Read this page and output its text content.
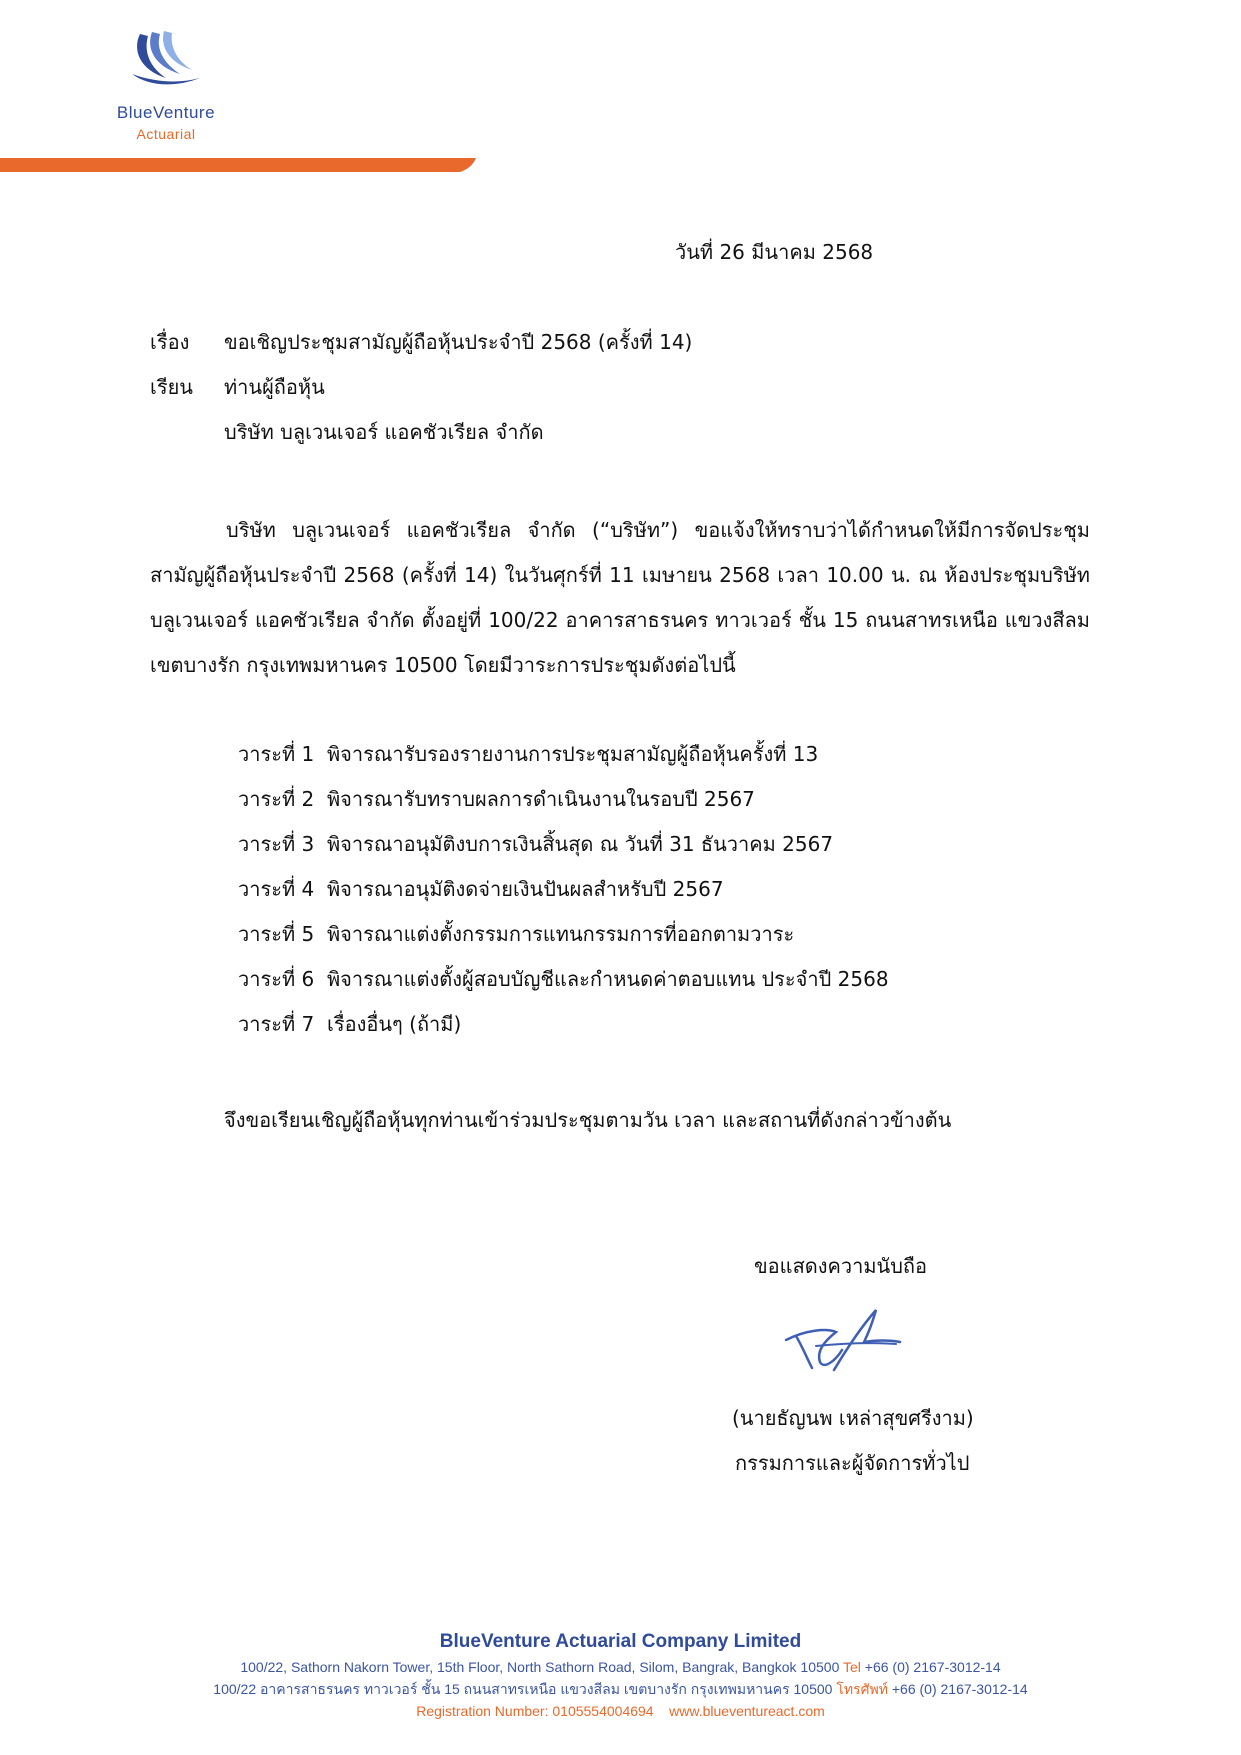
BlueVenture
Actuarial
วันที่ 26 มีนาคม 2568
เรื่อง ขอเชิญประชุมสามัญผู้ถือหุ้นประจำปี 2568 (ครั้งที่ 14)
เรียน ท่านผู้ถือหุ้น
บริษัท บลูเวนเจอร์ แอคชัวเรียล จำกัด
บริษัท บลูเวนเจอร์ แอคชัวเรียล จำกัด (“บริษัท”) ขอแจ้งให้ทราบว่าได้กำหนดให้มีการจัดประชุมสามัญผู้ถือหุ้นประจำปี 2568 (ครั้งที่ 14) ในวันศุกร์ที่ 11 เมษายน 2568 เวลา 10.00 น. ณ ห้องประชุมบริษัท บลูเวนเจอร์ แอคชัวเรียล จำกัด ตั้งอยู่ที่ 100/22 อาคารสาธรนคร ทาวเวอร์ ชั้น 15 ถนนสาทรเหนือ แขวงสีลม เขตบางรัก กรุงเทพมหานคร 10500 โดยมีวาระการประชุมดังต่อไปนี้
วาระที่ 1 พิจารณารับรองรายงานการประชุมสามัญผู้ถือหุ้นครั้งที่ 13
วาระที่ 2 พิจารณารับทราบผลการดำเนินงานในรอบปี 2567
วาระที่ 3 พิจารณาอนุมัติงบการเงินสิ้นสุด ณ วันที่ 31 ธันวาคม 2567
วาระที่ 4 พิจารณาอนุมัติงดจ่ายเงินปันผลสำหรับปี 2567
วาระที่ 5 พิจารณาแต่งตั้งกรรมการแทนกรรมการที่ออกตามวาระ
วาระที่ 6 พิจารณาแต่งตั้งผู้สอบบัญชีและกำหนดค่าตอบแทน ประจำปี 2568
วาระที่ 7 เรื่องอื่นๆ (ถ้ามี)
จึงขอเรียนเชิญผู้ถือหุ้นทุกท่านเข้าร่วมประชุมตามวัน เวลา และสถานที่ดังกล่าวข้างต้น
ขอแสดงความนับถือ
(นายธัญนพ เหล่าสุขศรีงาม)
กรรมการและผู้จัดการทั่วไป
BlueVenture Actuarial Company Limited
100/22, Sathorn Nakorn Tower, 15th Floor, North Sathorn Road, Silom, Bangrak, Bangkok 10500 Tel +66 (0) 2167-3012-14
100/22 อาคารสาธรนคร ทาวเวอร์ ชั้น 15 ถนนสาทรเหนือ แขวงสีลม เขตบางรัก กรุงเทพมหานคร 10500 โทรศัพท์ +66 (0) 2167-3012-14
Registration Number: 0105554004694 www.blueventureact.com
